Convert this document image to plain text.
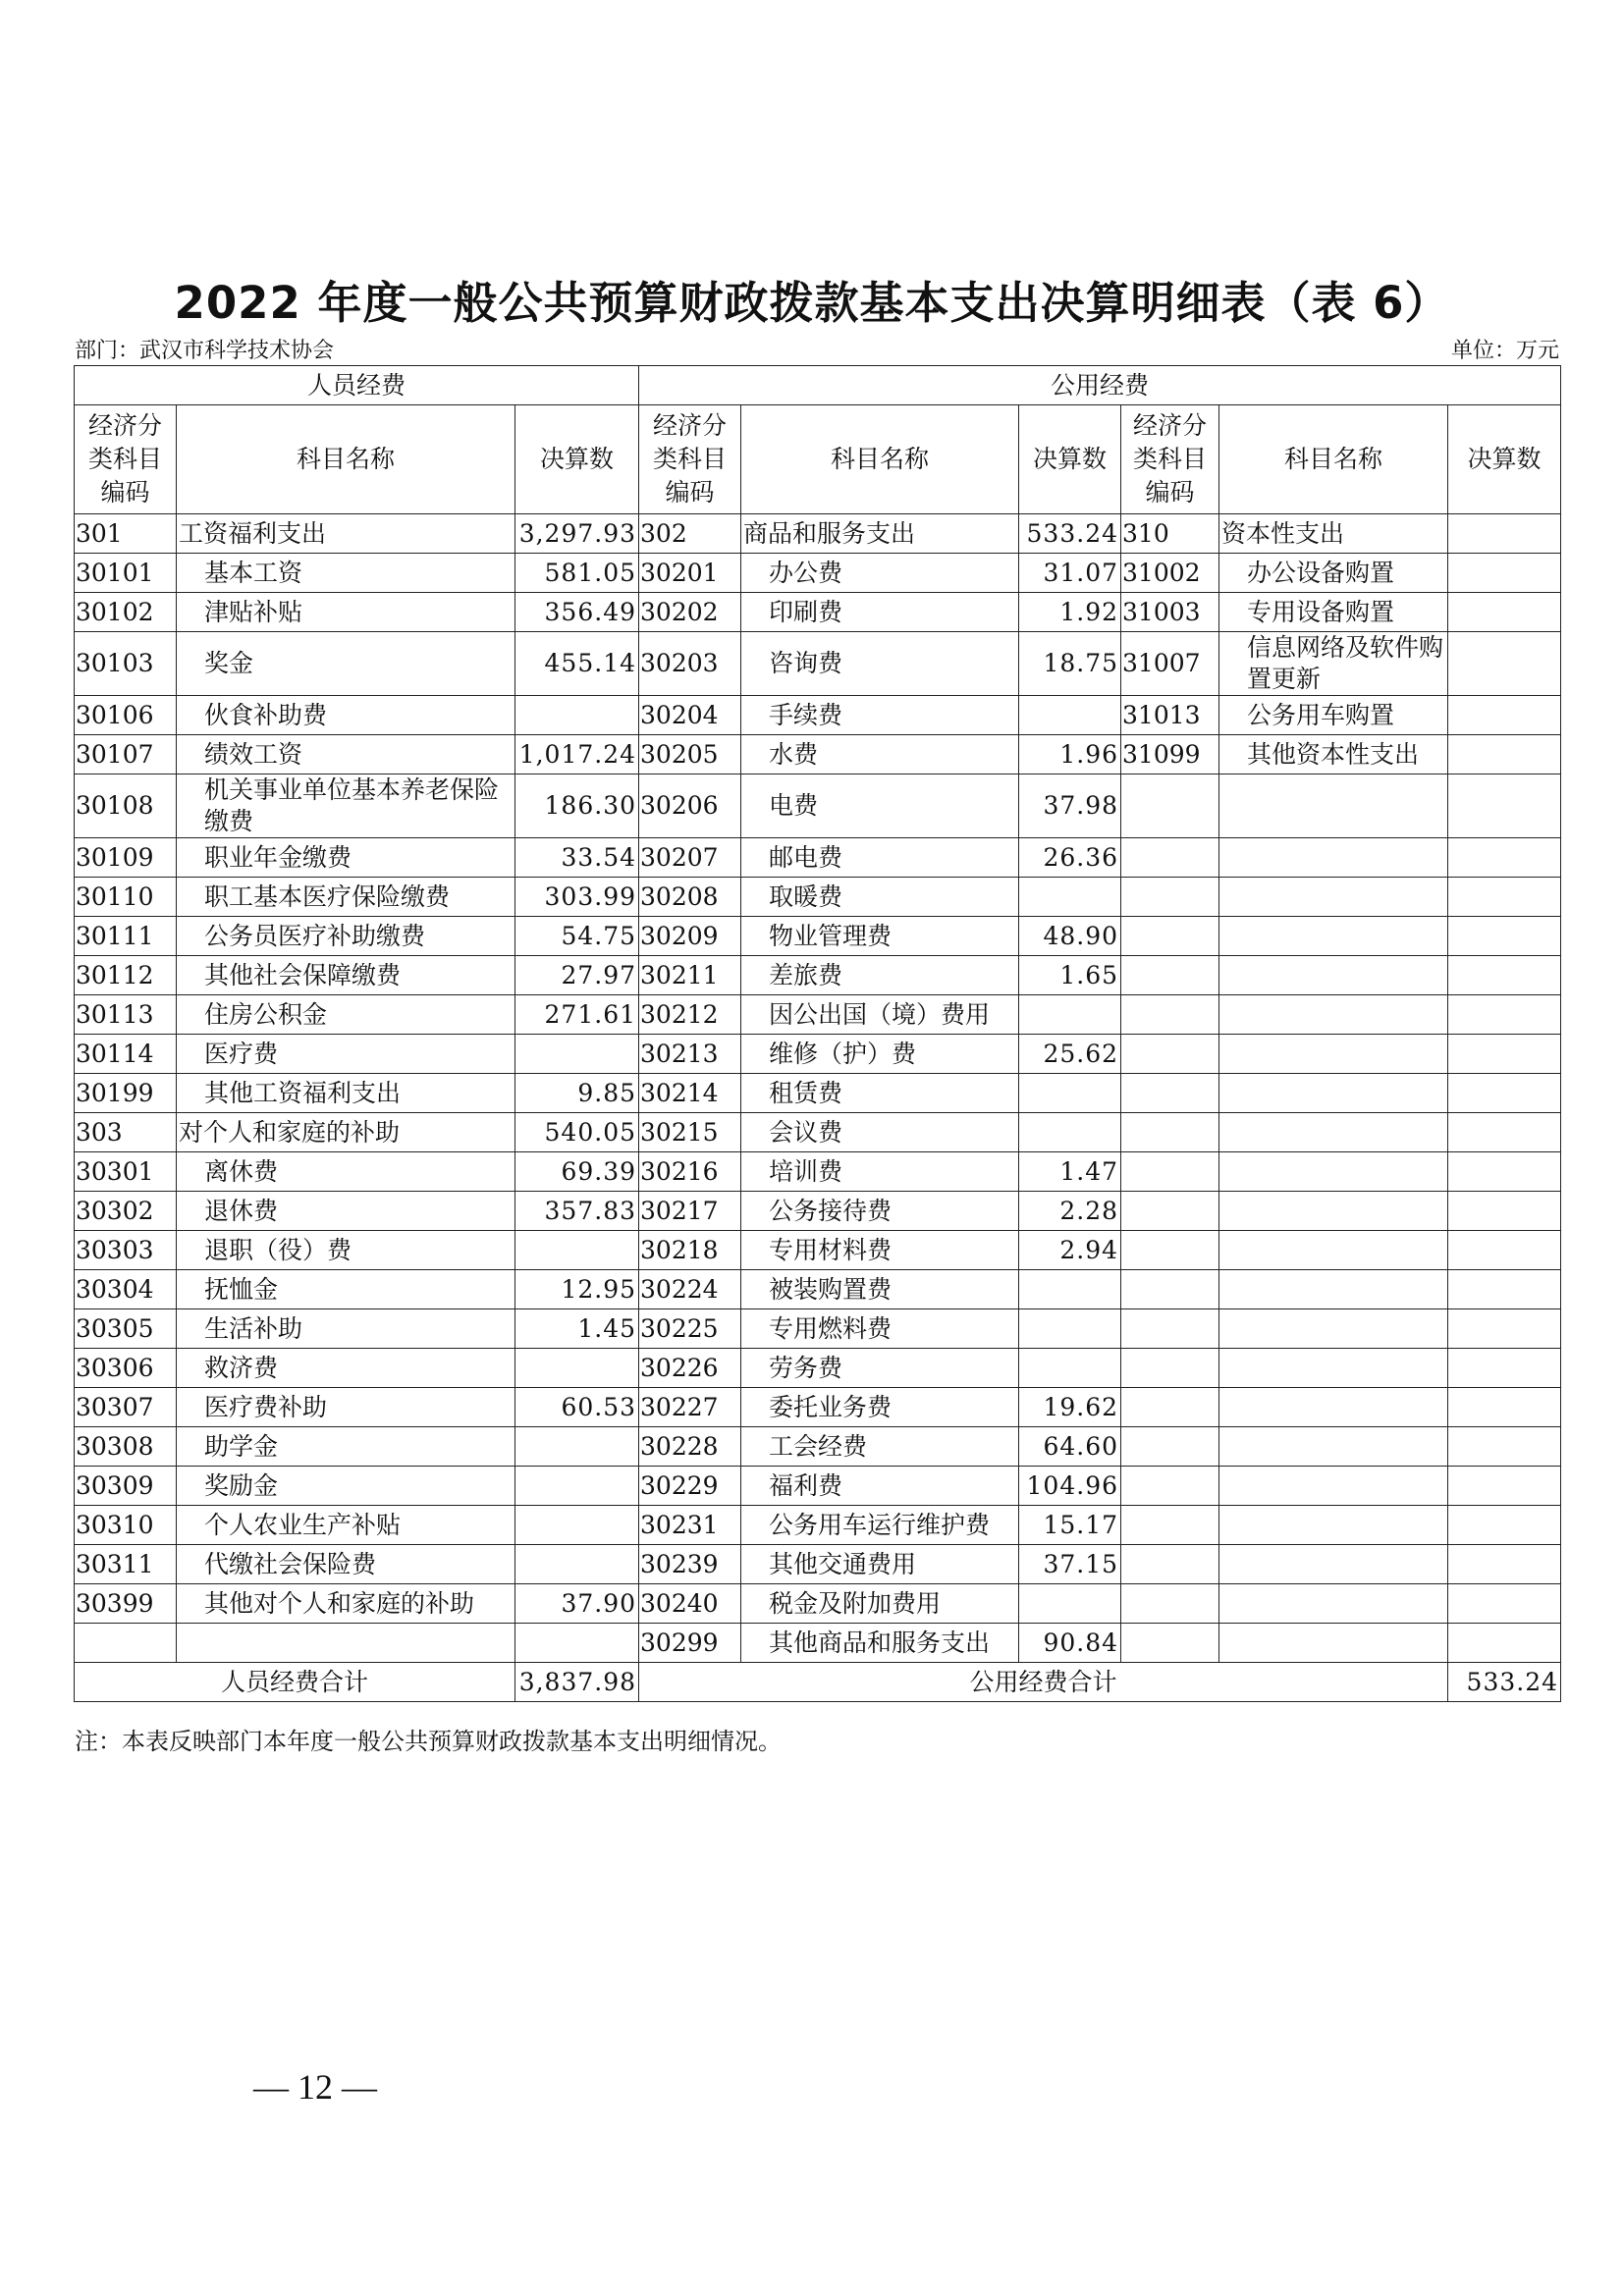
2022 年度一般公共预算财政拨款基本支出决算明细表（表 6）
部门：武汉市科学技术协会	单位：万元
人员经费			公用经费					
经济分类科目编码	科目名称	决算数	经济分类科目编码	科目名称	决算数	经济分类科目编码	科目名称	决算数
301	工资福利支出	3,297.93	302	商品和服务支出	533.24	310	资本性支出	
30101	基本工资	581.05	30201	办公费	31.07	31002	办公设备购置	
30102	津贴补贴	356.49	30202	印刷费	1.92	31003	专用设备购置	
30103	奖金	455.14	30203	咨询费	18.75	31007	信息网络及软件购置更新	
30106	伙食补助费		30204	手续费		31013	公务用车购置	
30107	绩效工资	1,017.24	30205	水费	1.96	31099	其他资本性支出	
30108	机关事业单位基本养老保险缴费	186.30	30206	电费	37.98			
30109	职业年金缴费	33.54	30207	邮电费	26.36			
30110	职工基本医疗保险缴费	303.99	30208	取暖费				
30111	公务员医疗补助缴费	54.75	30209	物业管理费	48.90			
30112	其他社会保障缴费	27.97	30211	差旅费	1.65			
30113	住房公积金	271.61	30212	因公出国（境）费用				
30114	医疗费		30213	维修（护）费	25.62			
30199	其他工资福利支出	9.85	30214	租赁费				
303	对个人和家庭的补助	540.05	30215	会议费				
30301	离休费	69.39	30216	培训费	1.47			
30302	退休费	357.83	30217	公务接待费	2.28			
30303	退职（役）费		30218	专用材料费	2.94			
30304	抚恤金	12.95	30224	被装购置费				
30305	生活补助	1.45	30225	专用燃料费				
30306	救济费		30226	劳务费				
30307	医疗费补助	60.53	30227	委托业务费	19.62			
30308	助学金		30228	工会经费	64.60			
30309	奖励金		30229	福利费	104.96			
30310	个人农业生产补贴		30231	公务用车运行维护费	15.17			
30311	代缴社会保险费		30239	其他交通费用	37.15			
30399	其他对个人和家庭的补助	37.90	30240	税金及附加费用				
			30299	其他商品和服务支出	90.84			
人员经费合计		3,837.98	公用经费合计					533.24
注：本表反映部门本年度一般公共预算财政拨款基本支出明细情况。
— 12 —
